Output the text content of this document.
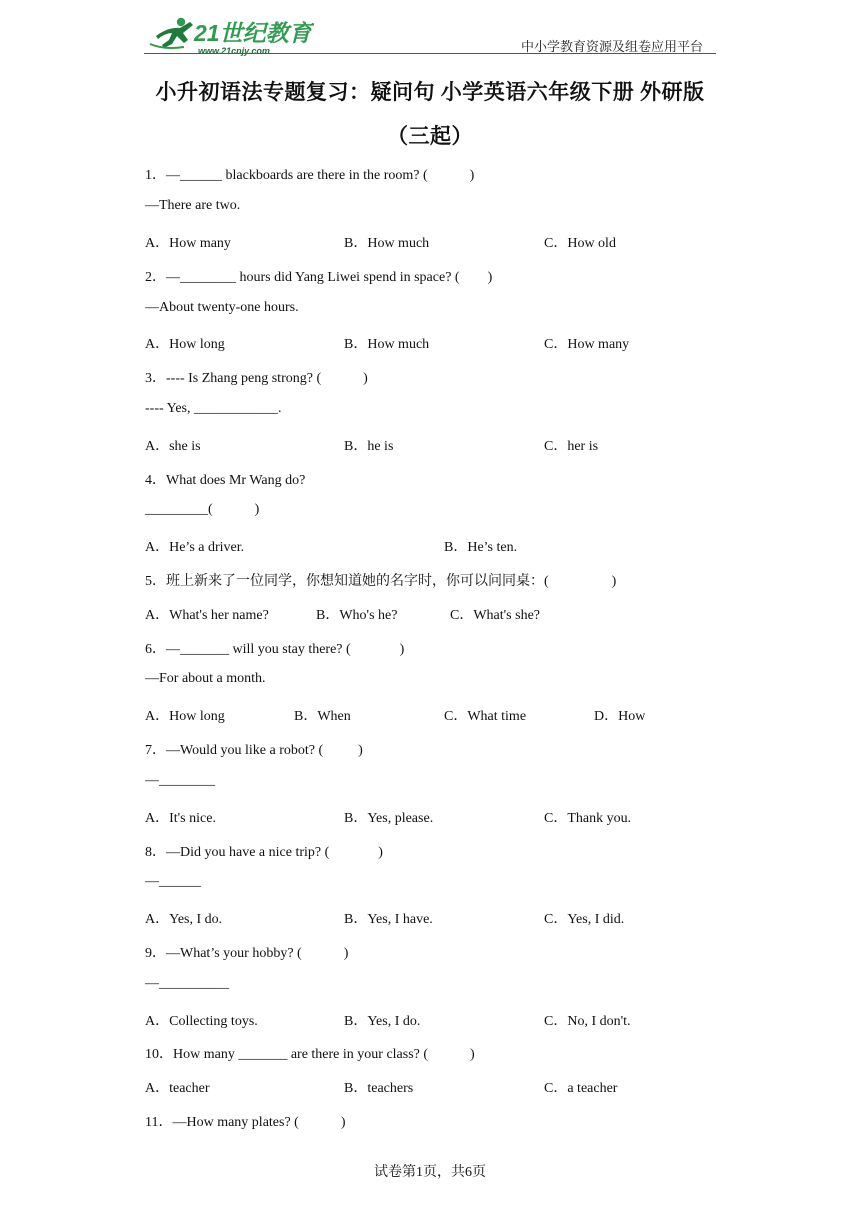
21世纪教育
www.21cnjy.com	中小学教育资源及组卷应用平台
小升初语法专题复习：疑问句 小学英语六年级下册 外研版
（三起）
1．—______ blackboards are there in the room? (            )
—There are two.
A．How many	B．How much	C．How old
2．—________ hours did Yang Liwei spend in space? (        )
—About twenty-one hours.
A．How long	B．How much	C．How many
3．---- Is Zhang peng strong? (            )
---- Yes, ____________.
A．she is	B．he is	C．her is
4．What does Mr Wang do?
_________(            )
A．He’s a driver.	B．He’s ten.
5．班上新来了一位同学，你想知道她的名字时，你可以问同桌：(                  )
A．What's her name?	B．Who's he?	C．What's she?
6．—_______ will you stay there? (              )
—For about a month.
A．How long	B．When	C．What time	D．How
7．—Would you like a robot? (          )
—________
A．It's nice.	B．Yes, please.	C．Thank you.
8．—Did you have a nice trip? (              )
—______
A．Yes, I do.	B．Yes, I have.	C．Yes, I did.
9．—What’s your hobby? (            )
—__________
A．Collecting toys.	B．Yes, I do.	C．No, I don't.
10．How many _______ are there in your class? (            )
A．teacher	B．teachers	C．a teacher
11．—How many plates? (            )
试卷第1页，共6页
